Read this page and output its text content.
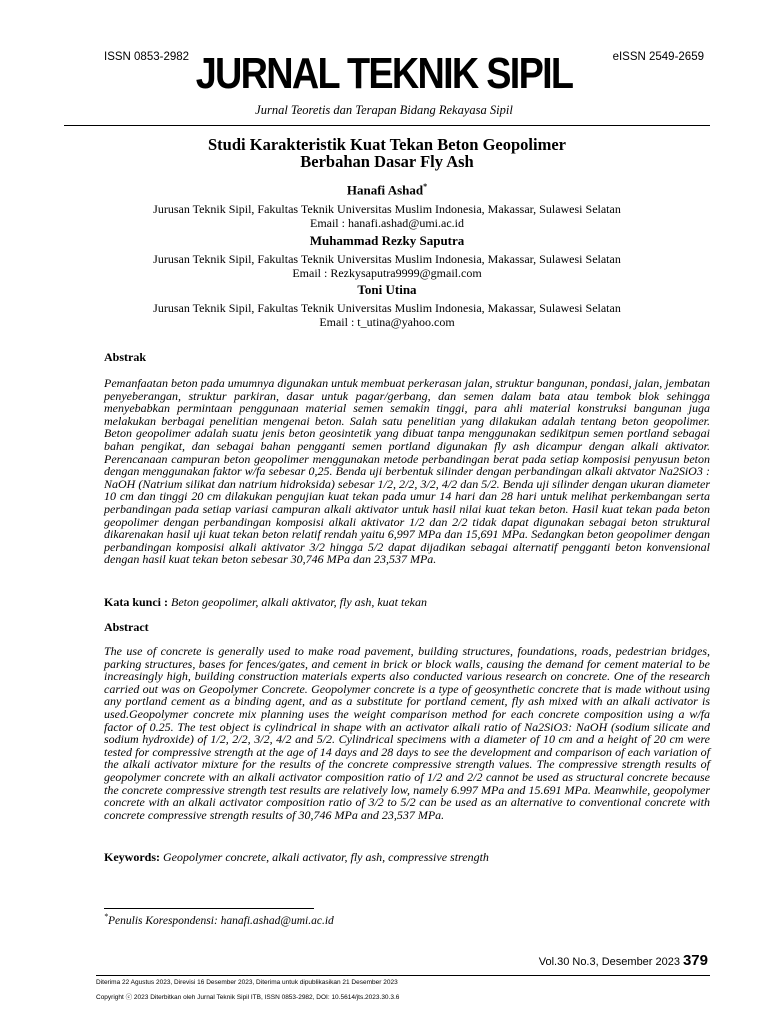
ISSN 0853-2982	eISSN 2549-2659
JURNAL TEKNIK SIPIL
Jurnal Teoretis dan Terapan Bidang Rekayasa Sipil
Studi Karakteristik Kuat Tekan Beton Geopolimer
Berbahan Dasar Fly Ash
Hanafi Ashad*
Jurusan Teknik Sipil, Fakultas Teknik Universitas Muslim Indonesia, Makassar, Sulawesi Selatan
Email : hanafi.ashad@umi.ac.id
Muhammad Rezky Saputra
Jurusan Teknik Sipil, Fakultas Teknik Universitas Muslim Indonesia, Makassar, Sulawesi Selatan
Email : Rezkysaputra9999@gmail.com
Toni Utina
Jurusan Teknik Sipil, Fakultas Teknik Universitas Muslim Indonesia, Makassar, Sulawesi Selatan
Email : t_utina@yahoo.com
Abstrak
Pemanfaatan beton pada umumnya digunakan untuk membuat perkerasan jalan, struktur bangunan, pondasi, jalan, jembatan penyeberangan, struktur parkiran, dasar untuk pagar/gerbang, dan semen dalam bata atau tembok blok sehingga menyebabkan permintaan penggunaan material semen semakin tinggi, para ahli material konstruksi bangunan juga melakukan berbagai penelitian mengenai beton. Salah satu penelitian yang dilakukan adalah tentang beton geopolimer. Beton geopolimer adalah suatu jenis beton geosintetik yang dibuat tanpa menggunakan sedikitpun semen portland sebagai bahan pengikat, dan sebagai bahan pengganti semen portland digunakan fly ash dicampur dengan alkali aktivator. Perencanaan campuran beton geopolimer menggunakan metode perbandingan berat pada setiap komposisi penyusun beton dengan menggunakan faktor w/fa sebesar 0,25. Benda uji berbentuk silinder dengan perbandingan alkali aktvator Na2SiO3 : NaOH (Natrium silikat dan natrium hidroksida) sebesar 1/2, 2/2, 3/2, 4/2 dan 5/2. Benda uji silinder dengan ukuran diameter 10 cm dan tinggi 20 cm dilakukan pengujian kuat tekan pada umur 14 hari dan 28 hari untuk melihat perkembangan serta perbandingan pada setiap variasi campuran alkali aktivator untuk hasil nilai kuat tekan beton. Hasil kuat tekan pada beton geopolimer dengan perbandingan komposisi alkali aktivator 1/2 dan 2/2 tidak dapat digunakan sebagai beton struktural dikarenakan hasil uji kuat tekan beton relatif rendah yaitu 6,997 MPa dan 15,691 MPa. Sedangkan beton geopolimer dengan perbandingan komposisi alkali aktivator 3/2 hingga 5/2 dapat dijadikan sebagai alternatif pengganti beton konvensional dengan hasil kuat tekan beton sebesar 30,746 MPa dan 23,537 MPa.
Kata kunci : Beton geopolimer, alkali aktivator, fly ash, kuat tekan
Abstract
The use of concrete is generally used to make road pavement, building structures, foundations, roads, pedestrian bridges, parking structures, bases for fences/gates, and cement in brick or block walls, causing the demand for cement material to be increasingly high, building construction materials experts also conducted various research on concrete. One of the research carried out was on Geopolymer Concrete. Geopolymer concrete is a type of geosynthetic concrete that is made without using any portland cement as a binding agent, and as a substitute for portland cement, fly ash mixed with an alkali activator is used.Geopolymer concrete mix planning uses the weight comparison method for each concrete composition using a w/fa factor of 0.25. The test object is cylindrical in shape with an activator alkali ratio of Na2SiO3: NaOH (sodium silicate and sodium hydroxide) of 1/2, 2/2, 3/2, 4/2 and 5/2. Cylindrical specimens with a diameter of 10 cm and a height of 20 cm were tested for compressive strength at the age of 14 days and 28 days to see the development and comparison of each variation of the alkali activator mixture for the results of the concrete compressive strength values. The compressive strength results of geopolymer concrete with an alkali activator composition ratio of 1/2 and 2/2 cannot be used as structural concrete because the concrete compressive strength test results are relatively low, namely 6.997 MPa and 15.691 MPa. Meanwhile, geopolymer concrete with an alkali activator composition ratio of 3/2 to 5/2 can be used as an alternative to conventional concrete with concrete compressive strength results of 30,746 MPa and 23,537 MPa.
Keywords: Geopolymer concrete, alkali activator, fly ash, compressive strength
*Penulis Korespondensi: hanafi.ashad@umi.ac.id
Vol.30 No.3, Desember 2023 379
Diterima 22 Agustus 2023, Direvisi 16 Desember 2023, Diterima untuk dipublikasikan 21 Desember 2023
Copyright ⓒ 2023 Diterbitkan oleh Jurnal Teknik Sipil ITB, ISSN 0853-2982, DOI: 10.5614/jts.2023.30.3.6
